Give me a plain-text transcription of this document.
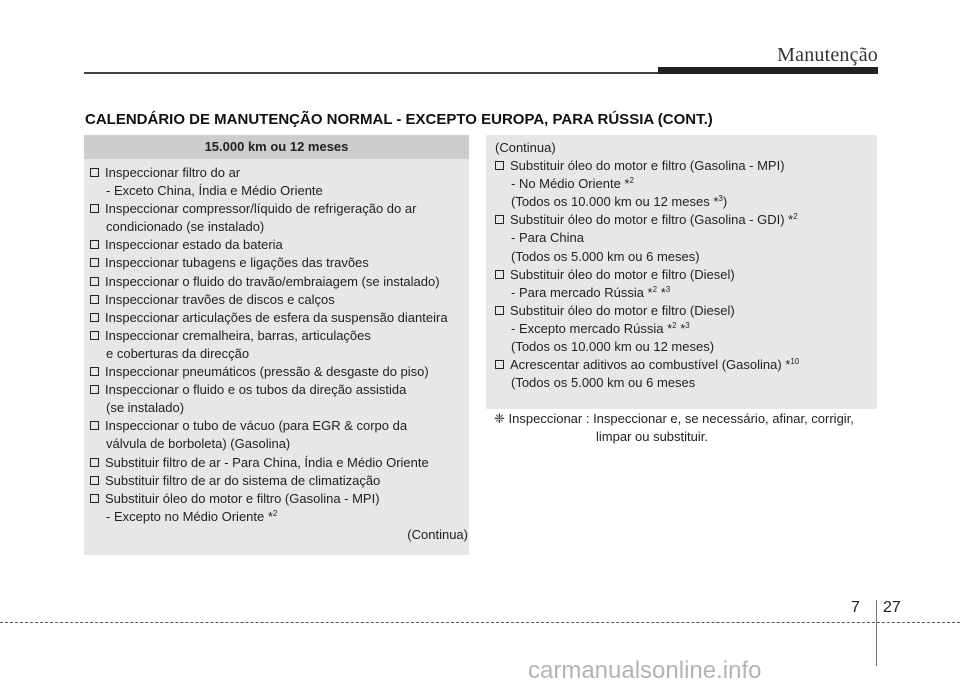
Manutenção
CALENDÁRIO DE MANUTENÇÃO NORMAL - EXCEPTO EUROPA, PARA RÚSSIA (CONT.)
15.000 km ou 12 meses
Inspeccionar filtro do ar
- Exceto China, Índia e Médio Oriente
Inspeccionar compressor/líquido de refrigeração do ar
condicionado (se instalado)
Inspeccionar estado da bateria
Inspeccionar tubagens e ligações das travões
Inspeccionar o fluido do travão/embraiagem (se instalado)
Inspeccionar travões de discos e calços
Inspeccionar articulações de esfera da suspensão dianteira
Inspeccionar cremalheira, barras, articulações
e coberturas da direcção
Inspeccionar pneumáticos (pressão & desgaste do piso)
Inspeccionar o fluido e os tubos da direção assistida
(se instalado)
Inspeccionar o tubo de vácuo (para EGR & corpo da
válvula de borboleta) (Gasolina)
Substituir filtro de ar - Para China, Índia e Médio Oriente
Substituir filtro de ar do sistema de climatização
Substituir óleo do motor e filtro (Gasolina - MPI)
- Excepto no Médio Oriente *$^2$
(Continua)
(Continua)
Substituir óleo do motor e filtro (Gasolina - MPI)
- No Médio Oriente *$^2$
(Todos os 10.000 km ou 12 meses *$^3$)
Substituir óleo do motor e filtro (Gasolina - GDI) *$^2$
- Para China
(Todos os 5.000 km ou 6 meses)
Substituir óleo do motor e filtro (Diesel)
- Para mercado Rússia *$^2$ *$^3$
Substituir óleo do motor e filtro (Diesel)
- Excepto mercado Rússia *$^2$ *$^3$
(Todos os 10.000 km ou 12 meses)
Acrescentar aditivos ao combustível (Gasolina) *$^{10}$
(Todos os 5.000 km ou 6 meses
❈ Inspeccionar : Inspeccionar e, se necessário, afinar, corrigir,
limpar ou substituir.
7 27
carmanualsonline.info
